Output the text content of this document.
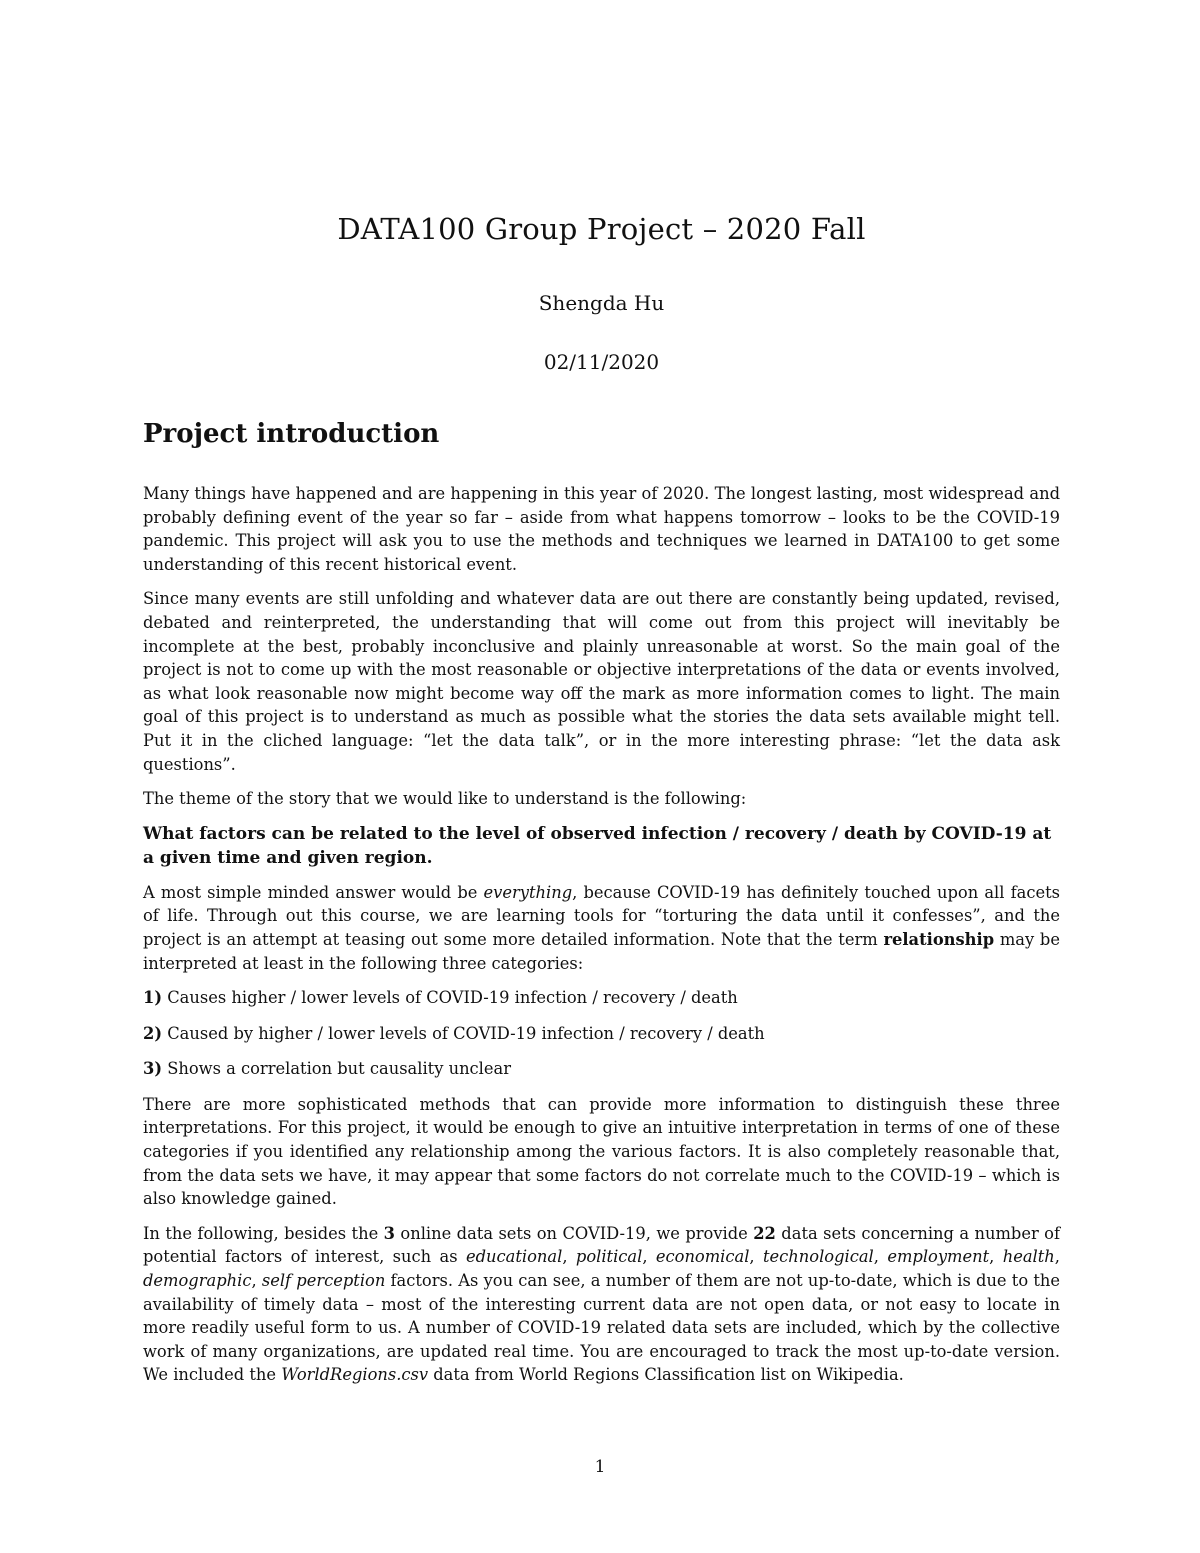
DATA100 Group Project – 2020 Fall
Shengda Hu
02/11/2020
Project introduction

Many things have happened and are happening in this year of 2020. The longest lasting, most widespread and probably defining event of the year so far – aside from what happens tomorrow – looks to be the COVID-19 pandemic. This project will ask you to use the methods and techniques we learned in DATA100 to get some understanding of this recent historical event.

Since many events are still unfolding and whatever data are out there are constantly being updated, revised, debated and reinterpreted, the understanding that will come out from this project will inevitably be incomplete at the best, probably inconclusive and plainly unreasonable at worst. So the main goal of the project is not to come up with the most reasonable or objective interpretations of the data or events involved, as what look reasonable now might become way off the mark as more information comes to light. The main goal of this project is to understand as much as possible what the stories the data sets available might tell. Put it in the cliched language: “let the data talk”, or in the more interesting phrase: “let the data ask questions”.

The theme of the story that we would like to understand is the following:

What factors can be related to the level of observed infection / recovery / death by COVID-19 at a given time and given region.

A most simple minded answer would be everything, because COVID-19 has definitely touched upon all facets of life. Through out this course, we are learning tools for “torturing the data until it confesses”, and the project is an attempt at teasing out some more detailed information. Note that the term relationship may be interpreted at least in the following three categories:

1) Causes higher / lower levels of COVID-19 infection / recovery / death

2) Caused by higher / lower levels of COVID-19 infection / recovery / death

3) Shows a correlation but causality unclear

There are more sophisticated methods that can provide more information to distinguish these three interpretations. For this project, it would be enough to give an intuitive interpretation in terms of one of these categories if you identified any relationship among the various factors. It is also completely reasonable that, from the data sets we have, it may appear that some factors do not correlate much to the COVID-19 – which is also knowledge gained.

In the following, besides the 3 online data sets on COVID-19, we provide 22 data sets concerning a number of potential factors of interest, such as educational, political, economical, technological, employment, health, demographic, self perception factors. As you can see, a number of them are not up-to-date, which is due to the availability of timely data – most of the interesting current data are not open data, or not easy to locate in more readily useful form to us. A number of COVID-19 related data sets are included, which by the collective work of many organizations, are updated real time. You are encouraged to track the most up-to-date version. We included the WorldRegions.csv data from World Regions Classification list on Wikipedia.

1
